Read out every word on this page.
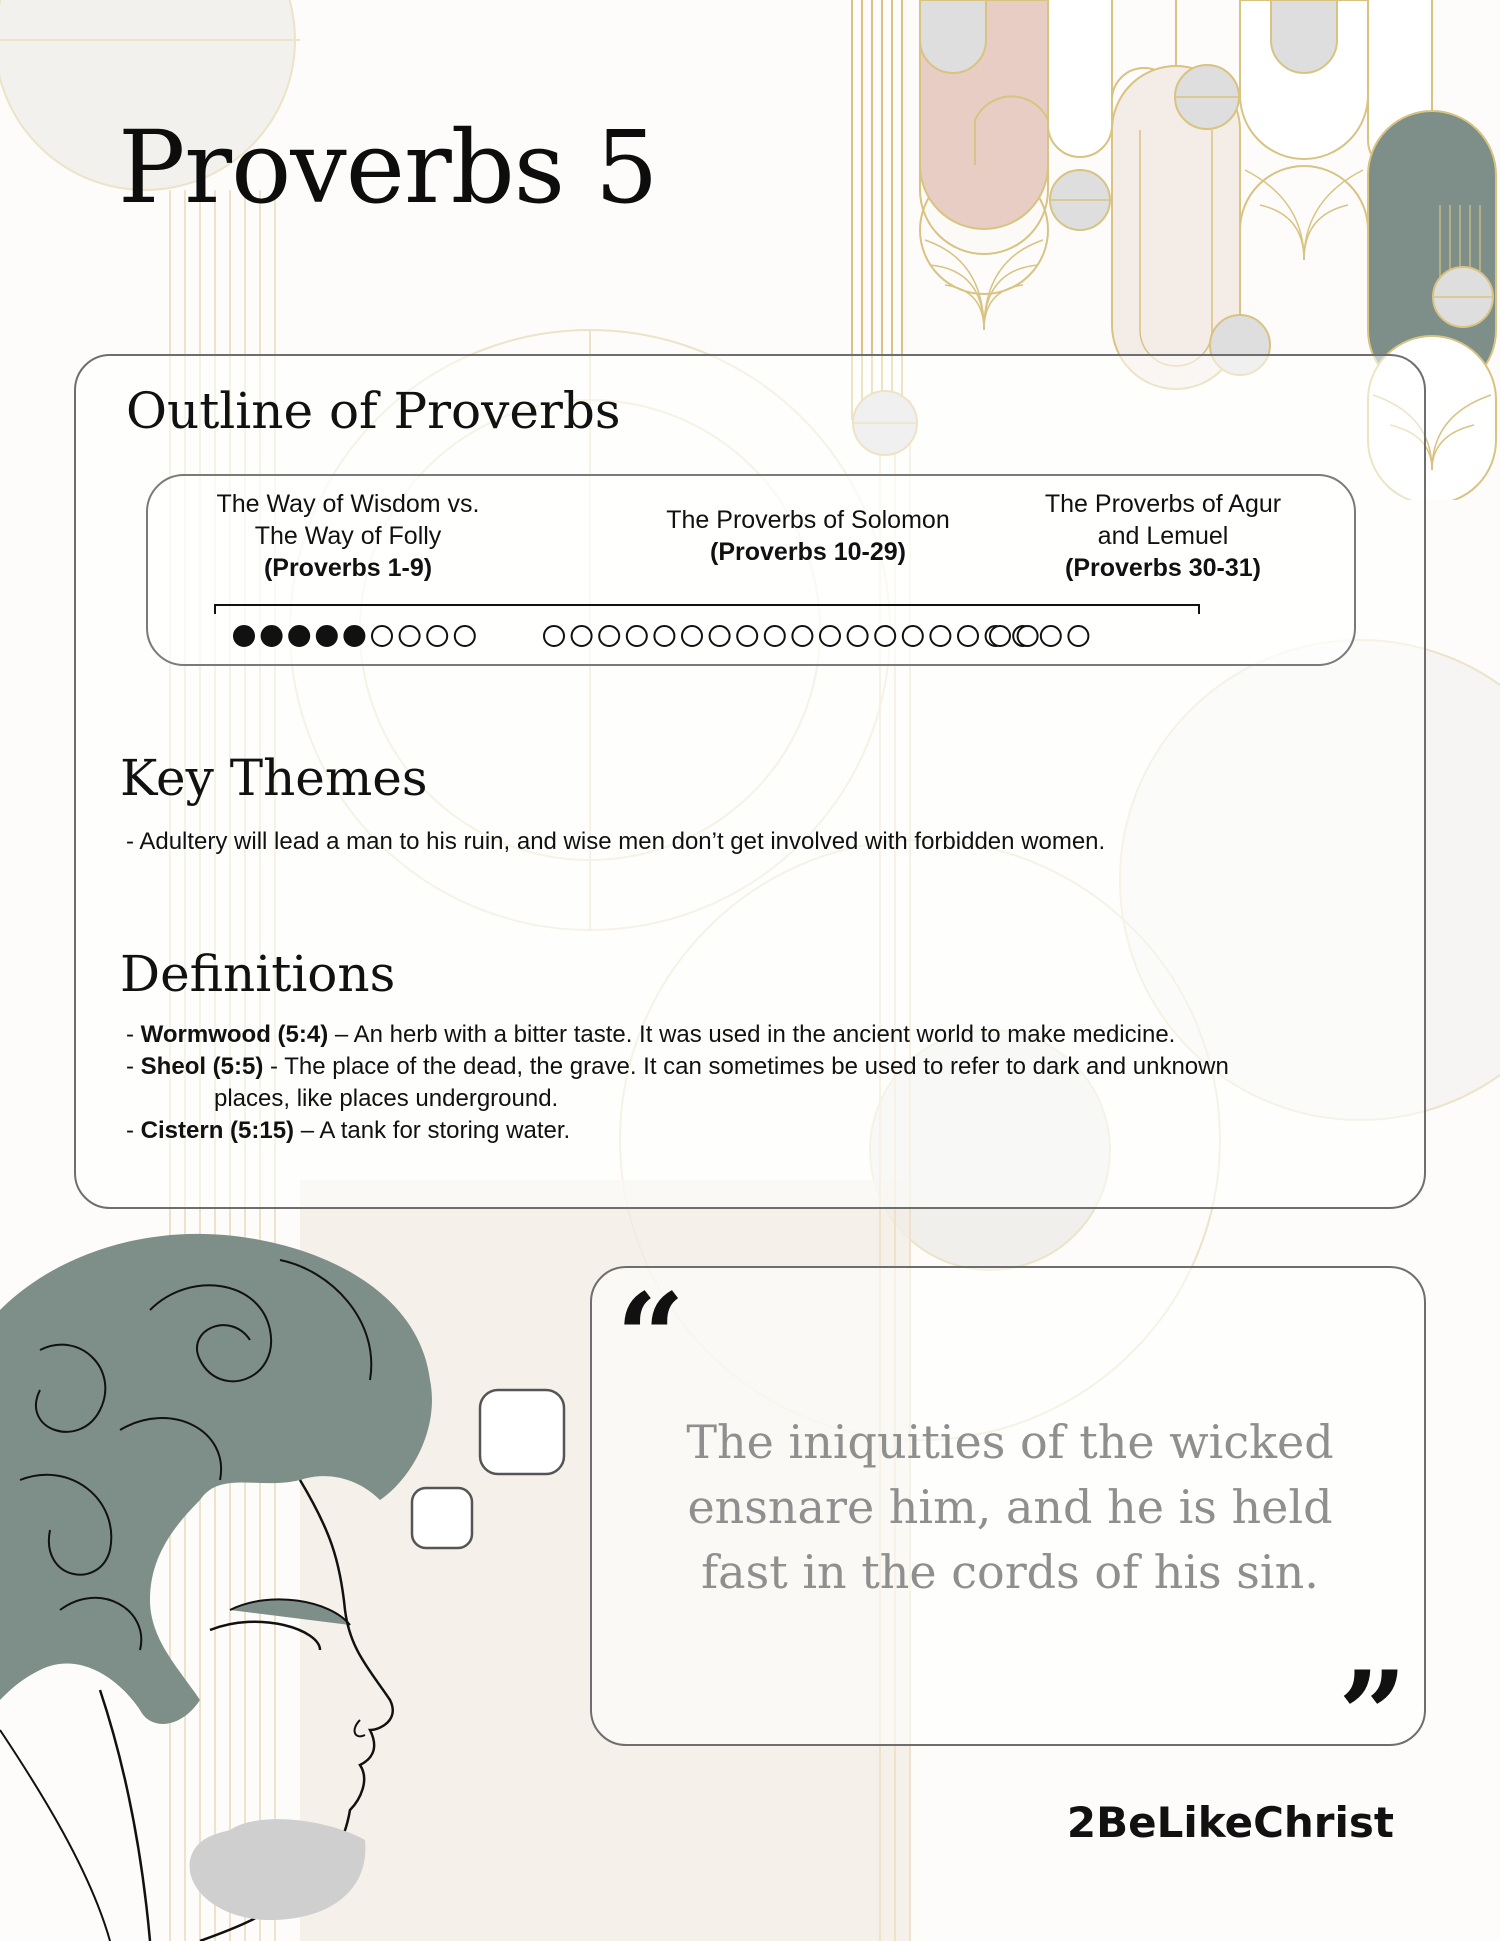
Proverbs 5
Outline of Proverbs
The Way of Wisdom vs.
The Way of Folly
(Proverbs 1-9)
The Proverbs of Solomon
(Proverbs 10-29)
The Proverbs of Agur
and Lemuel
(Proverbs 30-31)
Key Themes

- Adultery will lead a man to his ruin, and wise men don’t get involved with forbidden women.

Definitions
- Wormwood (5:4) – An herb with a bitter taste. It was used in the ancient world to make medicine.
- Sheol (5:5) - The place of the dead, the grave. It can sometimes be used to refer to dark and unknown
places, like places underground.
- Cistern (5:15) – A tank for storing water.
“

The iniquities of the wicked
ensnare him, and he is held
fast in the cords of his sin.

”
2BeLikeChrist
